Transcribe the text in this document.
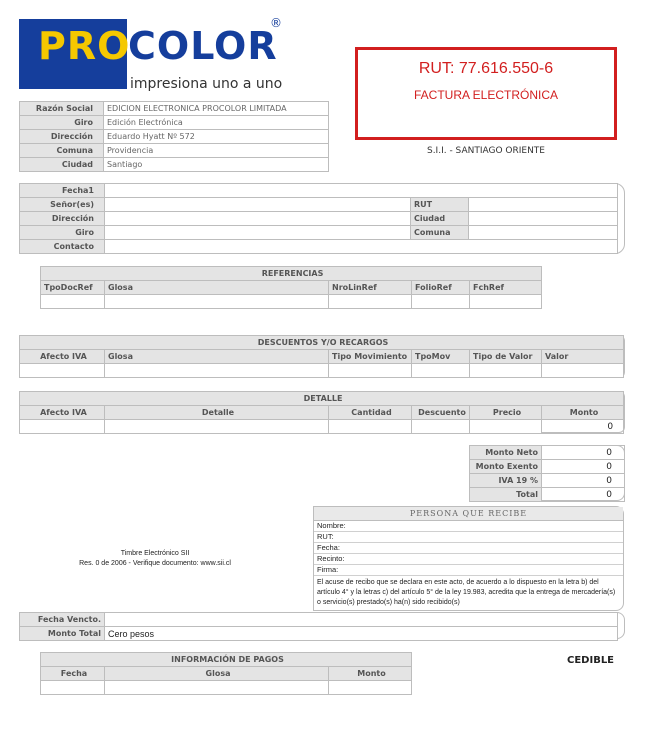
PRO
COLOR
®
impresiona uno a uno
RUT: 77.616.550-6
FACTURA ELECTRÓNICA
S.I.I. - SANTIAGO ORIENTE
Razón Social	EDICION ELECTRONICA PROCOLOR LIMITADA
Giro	Edición Electrónica
Dirección	Eduardo Hyatt Nº 572
Comuna	Providencia
Ciudad	Santiago
Fecha1			
Señor(es)		RUT	
Dirección		Ciudad	
Giro		Comuna	
Contacto			
REFERENCIAS				
TpoDocRef	Glosa	NroLinRef	FolioRef	FchRef

DESCUENTOS Y/O RECARGOS					
Afecto IVA	Glosa	Tipo Movimiento	TpoMov	Tipo de Valor	Valor

DETALLE					
Afecto IVA	Detalle	Cantidad	Descuento	Precio	Monto
					0
Monto Neto	0
Monto Exento	0
IVA 19 %	0
Total	0
Timbre Electrónico SII
Res. 0 de 2006 - Verifique documento: www.sii.cl
PERSONA QUE RECIBE
Nombre:
RUT:
Fecha:
Recinto:
Firma:
El acuse de recibo que se declara en este acto, de acuerdo a lo dispuesto en la letra b) del artículo 4° y la letras c) del artículo 5° de la ley 19.983, acredita que la entrega de mercadería(s) o servicio(s) prestado(s) ha(n) sido recibido(s)
Fecha Vencto.	
Monto Total	Cero pesos
INFORMACIÓN DE PAGOS		
Fecha	Glosa	Monto

CEDIBLE
